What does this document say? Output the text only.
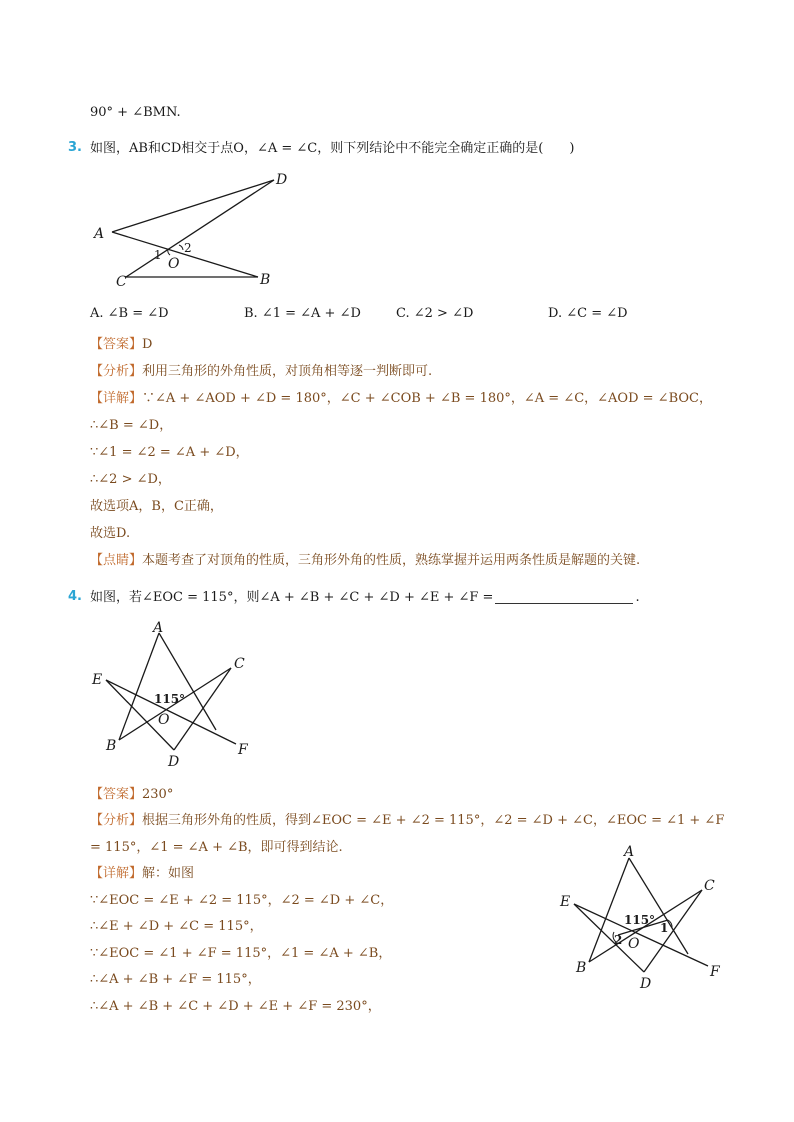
90° + ∠BMN.
3. 如图，AB和CD相交于点O，∠A = ∠C，则下列结论中不能完全确定正确的是(　　)
A
D
C	B
O
1 2
A. ∠B = ∠D	B. ∠1 = ∠A + ∠D	C. ∠2 > ∠D	D. ∠C = ∠D
【答案】D
【分析】利用三角形的外角性质，对顶角相等逐一判断即可.
【详解】∵∠A + ∠AOD + ∠D = 180°，∠C + ∠COB + ∠B = 180°，∠A = ∠C，∠AOD = ∠BOC，
∴∠B = ∠D，
∵∠1 = ∠2 = ∠A + ∠D，
∴∠2 > ∠D，
故选项A，B，C正确，
故选D.
【点睛】本题考查了对顶角的性质，三角形外角的性质，熟练掌握并运用两条性质是解题的关键.
4. 如图，若∠EOC = 115°，则∠A + ∠B + ∠C + ∠D + ∠E + ∠F =	.
A
E
C
B	F
D
O
115°
【答案】230°
【分析】根据三角形外角的性质，得到∠EOC = ∠E + ∠2 = 115°，∠2 = ∠D + ∠C，∠EOC = ∠1 + ∠F
= 115°，∠1 = ∠A + ∠B，即可得到结论.
【详解】解：如图
∵∠EOC = ∠E + ∠2 = 115°，∠2 = ∠D + ∠C，
∴∠E + ∠D + ∠C = 115°，
∵∠EOC = ∠1 + ∠F = 115°，∠1 = ∠A + ∠B，
∴∠A + ∠B + ∠F = 115°，
∴∠A + ∠B + ∠C + ∠D + ∠E + ∠F = 230°，
A
E
C
B	F
D
O
115°
2
1
